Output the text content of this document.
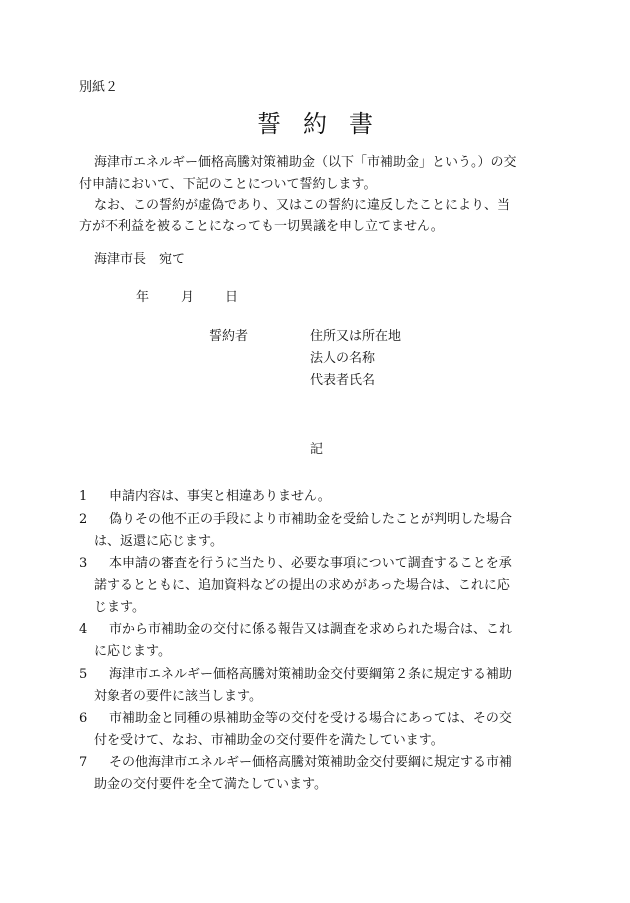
別紙２
誓約書
海津市エネルギー価格高騰対策補助金（以下「市補助金」という。）の交
付申請において、下記のことについて誓約します。
なお、この誓約が虚偽であり、又はこの誓約に違反したことにより、当
方が不利益を被ることになっても一切異議を申し立てません。
海津市長　宛て
年 月 日
誓約者	住所又は所在地
法人の名称
代表者氏名
記
1 申請内容は、事実と相違ありません。
2 偽りその他不正の手段により市補助金を受給したことが判明した場合
は、返還に応じます。
3 本申請の審査を行うに当たり、必要な事項について調査することを承
諾するとともに、追加資料などの提出の求めがあった場合は、これに応
じます。
4 市から市補助金の交付に係る報告又は調査を求められた場合は、これ
に応じます。
5 海津市エネルギー価格高騰対策補助金交付要綱第２条に規定する補助
対象者の要件に該当します。
6 市補助金と同種の県補助金等の交付を受ける場合にあっては、その交
付を受けて、なお、市補助金の交付要件を満たしています。
7 その他海津市エネルギー価格高騰対策補助金交付要綱に規定する市補
助金の交付要件を全て満たしています。
